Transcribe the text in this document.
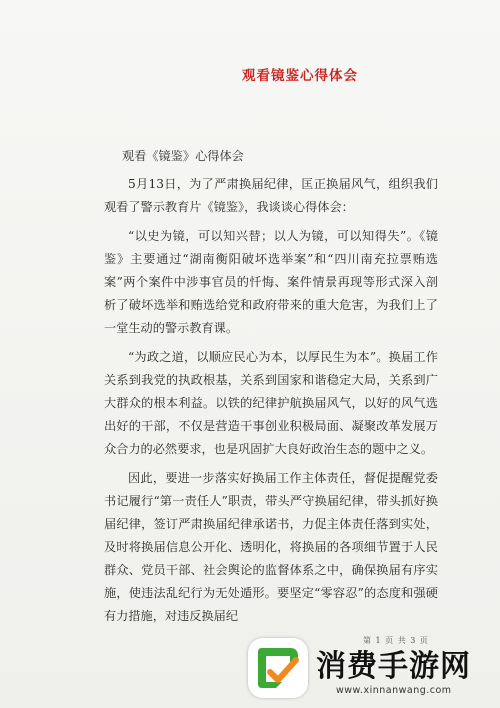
观看镜鉴心得体会
观看《镜鉴》心得体会

5月13日，为了严肃换届纪律，匡正换届风气，组织我们观看了警示教育片《镜鉴》，我谈谈心得体会：

“以史为镜，可以知兴替；以人为镜，可以知得失”。《镜鉴》主要通过“湖南衡阳破坏选举案”和“四川南充拉票贿选案”两个案件中涉事官员的忏悔、案件情景再现等形式深入剖析了破坏选举和贿选给党和政府带来的重大危害，为我们上了一堂生动的警示教育课。

“为政之道，以顺应民心为本，以厚民生为本”。换届工作关系到我党的执政根基，关系到国家和谐稳定大局，关系到广大群众的根本利益。以铁的纪律护航换届风气，以好的风气选出好的干部，不仅是营造干事创业积极局面、凝聚改革发展万众合力的必然要求，也是巩固扩大良好政治生态的题中之义。

因此，要进一步落实好换届工作主体责任，督促提醒党委书记履行“第一责任人”职责，带头严守换届纪律，带头抓好换届纪律，签订严肃换届纪律承诺书，力促主体责任落到实处，及时将换届信息公开化、透明化，将换届的各项细节置于人民群众、党员干部、社会舆论的监督体系之中，确保换届有序实施，使违法乱纪行为无处遁形。要坚定“零容忍”的态度和强硬有力措施，对违反换届纪

第 1 页 共 3 页
消费手游网
www.xinnanwang.com
